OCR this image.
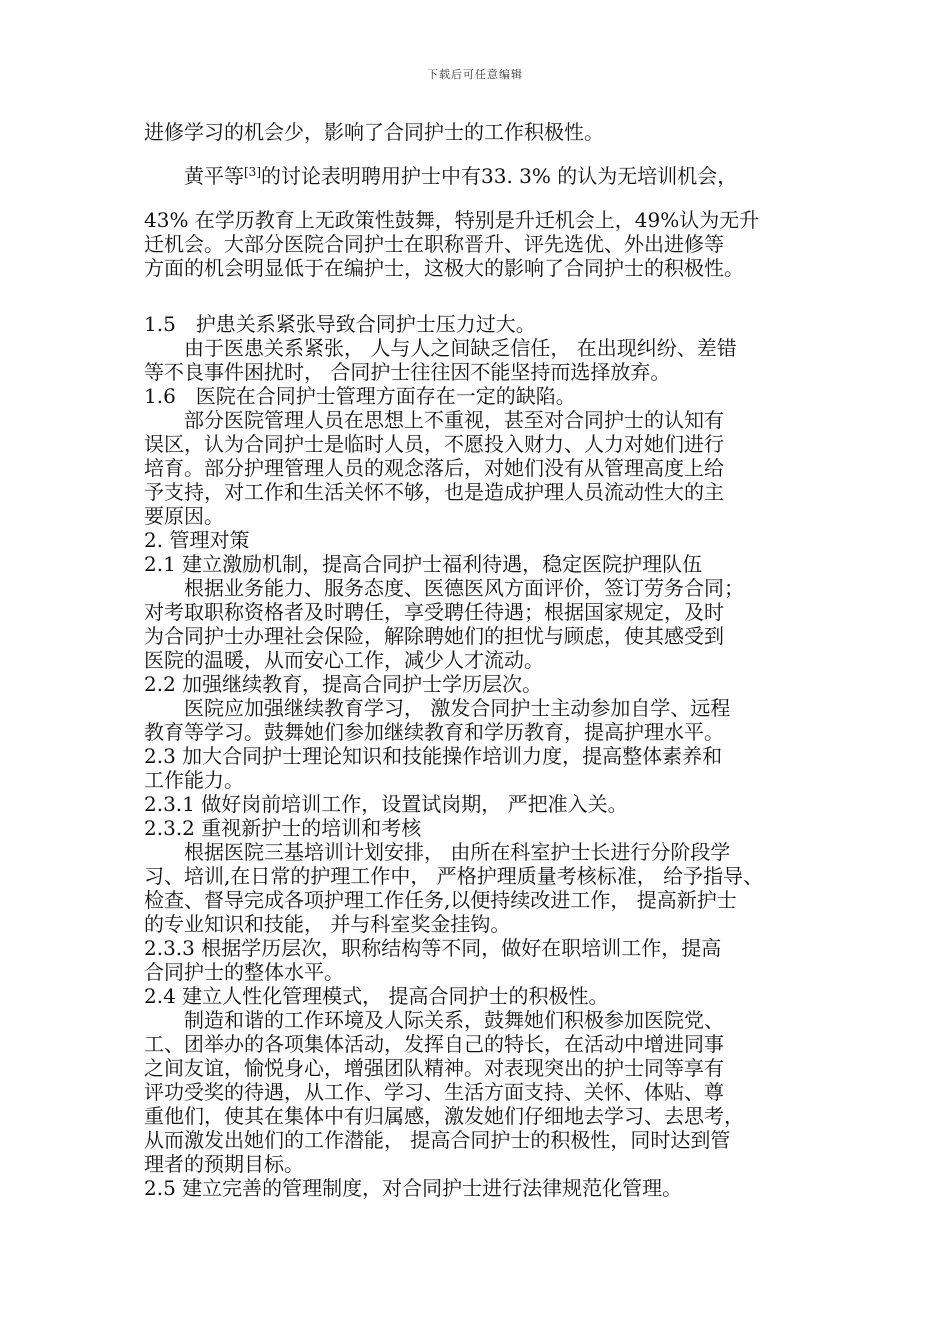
下载后可任意编辑
进修学习的机会少，影响了合同护士的工作积极性。
黄平等[3]的讨论表明聘用护士中有33. 3% 的认为无培训机会，
43% 在学历教育上无政策性鼓舞，特别是升迁机会上，49%认为无升
迁机会。大部分医院合同护士在职称晋升、评先选优、外出进修等
方面的机会明显低于在编护士，这极大的影响了合同护士的积极性。
1.5　护患关系紧张导致合同护士压力过大。
由于医患关系紧张， 人与人之间缺乏信任， 在出现纠纷、差错
等不良事件困扰时， 合同护士往往因不能坚持而选择放弃。
1.6　医院在合同护士管理方面存在一定的缺陷。
部分医院管理人员在思想上不重视，甚至对合同护士的认知有
误区，认为合同护士是临时人员，不愿投入财力、人力对她们进行
培育。部分护理管理人员的观念落后，对她们没有从管理高度上给
予支持，对工作和生活关怀不够，也是造成护理人员流动性大的主
要原因。
2. 管理对策
2.1 建立激励机制，提高合同护士福利待遇，稳定医院护理队伍
根据业务能力、服务态度、医德医风方面评价，签订劳务合同；
对考取职称资格者及时聘任，享受聘任待遇；根据国家规定，及时
为合同护士办理社会保险，解除聘她们的担忧与顾虑，使其感受到
医院的温暖，从而安心工作，减少人才流动。
2.2 加强继续教育，提高合同护士学历层次。
医院应加强继续教育学习， 激发合同护士主动参加自学、远程
教育等学习。鼓舞她们参加继续教育和学历教育，提高护理水平。
2.3 加大合同护士理论知识和技能操作培训力度，提高整体素养和
工作能力。
2.3.1 做好岗前培训工作，设置试岗期， 严把准入关。
2.3.2 重视新护士的培训和考核
根据医院三基培训计划安排， 由所在科室护士长进行分阶段学
习、培训,在日常的护理工作中， 严格护理质量考核标准， 给予指导、
检查、督导完成各项护理工作任务,以便持续改进工作， 提高新护士
的专业知识和技能， 并与科室奖金挂钩。
2.3.3 根据学历层次，职称结构等不同，做好在职培训工作，提高
合同护士的整体水平。
2.4 建立人性化管理模式， 提高合同护士的积极性。
制造和谐的工作环境及人际关系，鼓舞她们积极参加医院党、
工、团举办的各项集体活动，发挥自己的特长，在活动中增进同事
之间友谊，愉悦身心，增强团队精神。对表现突出的护士同等享有
评功受奖的待遇，从工作、学习、生活方面支持、关怀、体贴、尊
重他们，使其在集体中有归属感，激发她们仔细地去学习、去思考，
从而激发出她们的工作潜能， 提高合同护士的积极性，同时达到管
理者的预期目标。
2.5 建立完善的管理制度，对合同护士进行法律规范化管理。
